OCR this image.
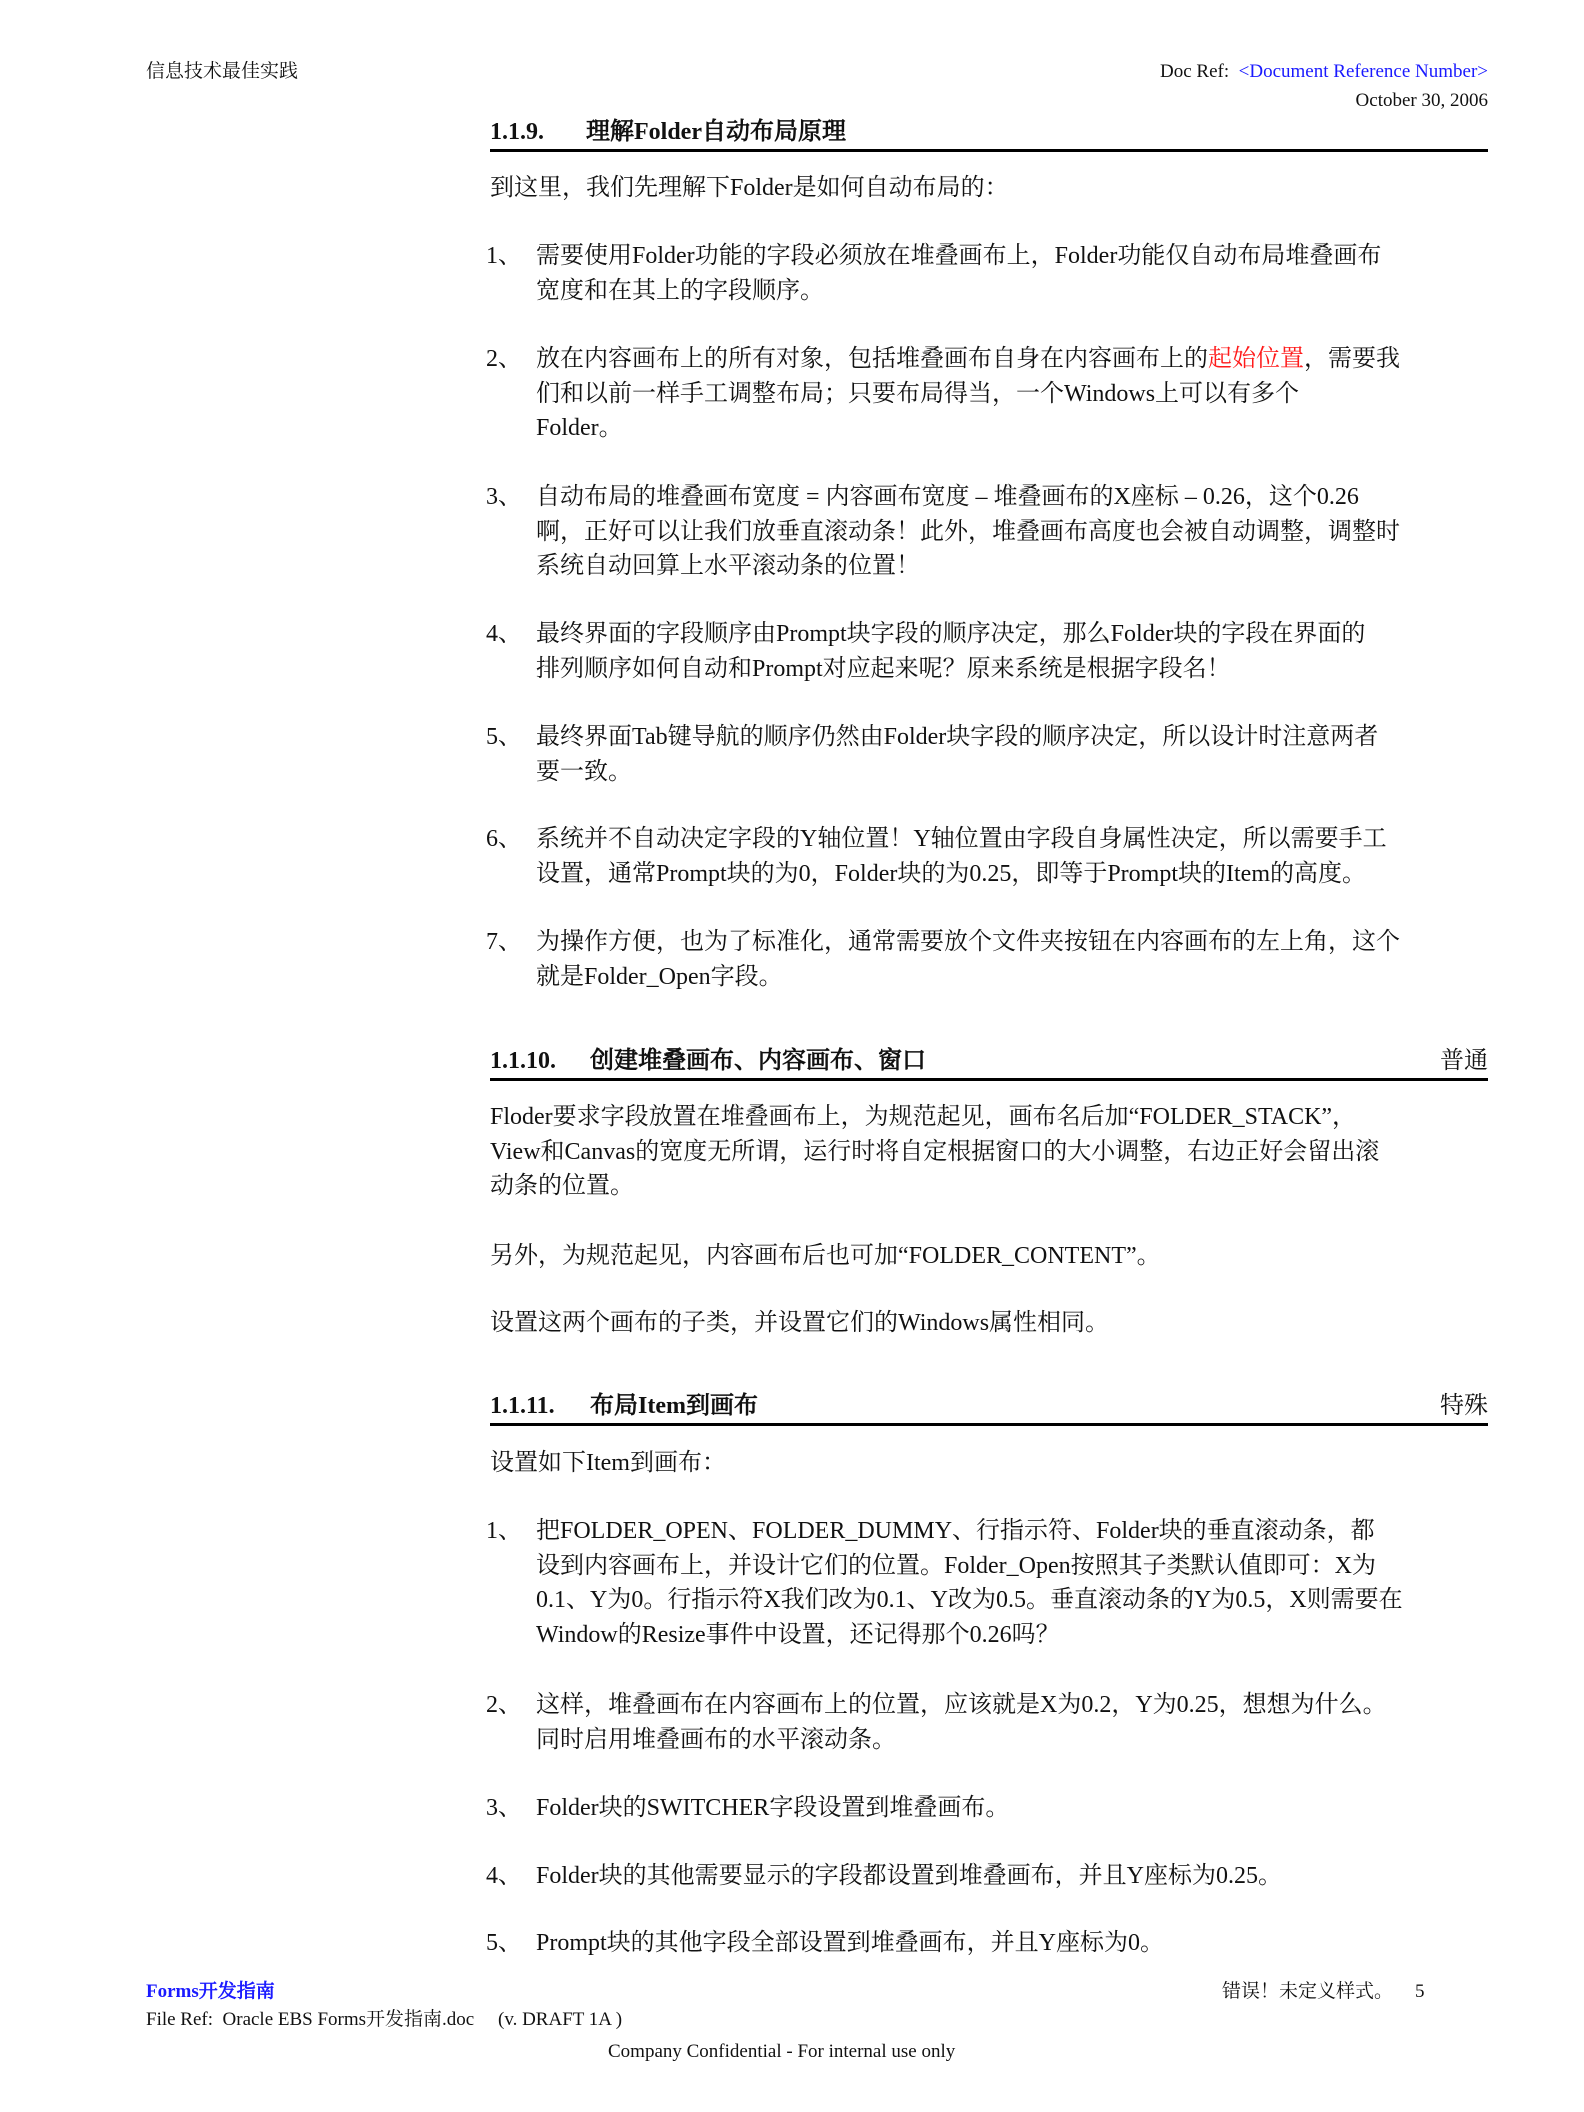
信息技术最佳实践	Doc Ref: <Document Reference Number>
October 30, 2006
1.1.9. 理解Folder自动布局原理
到这里，我们先理解下Folder是如何自动布局的：
1、 需要使用Folder功能的字段必须放在堆叠画布上，Folder功能仅自动布局堆叠画布
宽度和在其上的字段顺序。
2、 放在内容画布上的所有对象，包括堆叠画布自身在内容画布上的起始位置，需要我
们和以前一样手工调整布局；只要布局得当，一个Windows上可以有多个
Folder。
3、 自动布局的堆叠画布宽度 = 内容画布宽度 – 堆叠画布的X座标 – 0.26，这个0.26
啊，正好可以让我们放垂直滚动条！此外，堆叠画布高度也会被自动调整，调整时
系统自动回算上水平滚动条的位置！
4、 最终界面的字段顺序由Prompt块字段的顺序决定，那么Folder块的字段在界面的
排列顺序如何自动和Prompt对应起来呢？原来系统是根据字段名！
5、 最终界面Tab键导航的顺序仍然由Folder块字段的顺序决定，所以设计时注意两者
要一致。
6、 系统并不自动决定字段的Y轴位置！Y轴位置由字段自身属性决定，所以需要手工
设置，通常Prompt块的为0，Folder块的为0.25，即等于Prompt块的Item的高度。
7、 为操作方便，也为了标准化，通常需要放个文件夹按钮在内容画布的左上角，这个
就是Folder_Open字段。
1.1.10. 创建堆叠画布、内容画布、窗口	普通
Floder要求字段放置在堆叠画布上，为规范起见，画布名后加“FOLDER_STACK”，
View和Canvas的宽度无所谓，运行时将自定根据窗口的大小调整，右边正好会留出滚
动条的位置。
另外，为规范起见，内容画布后也可加“FOLDER_CONTENT”。
设置这两个画布的子类，并设置它们的Windows属性相同。
1.1.11. 布局Item到画布	特殊
设置如下Item到画布：
1、 把FOLDER_OPEN、FOLDER_DUMMY、行指示符、Folder块的垂直滚动条，都
设到内容画布上，并设计它们的位置。Folder_Open按照其子类默认值即可：X为
0.1、Y为0。行指示符X我们改为0.1、Y改为0.5。垂直滚动条的Y为0.5，X则需要在
Window的Resize事件中设置，还记得那个0.26吗？
2、 这样，堆叠画布在内容画布上的位置，应该就是X为0.2，Y为0.25，想想为什么。
同时启用堆叠画布的水平滚动条。
3、 Folder块的SWITCHER字段设置到堆叠画布。
4、 Folder块的其他需要显示的字段都设置到堆叠画布，并且Y座标为0.25。
5、 Prompt块的其他字段全部设置到堆叠画布，并且Y座标为0。
Forms开发指南
File Ref:  Oracle EBS Forms开发指南.doc     (v. DRAFT 1A )
Company Confidential - For internal use only
错误！未定义样式。 5
